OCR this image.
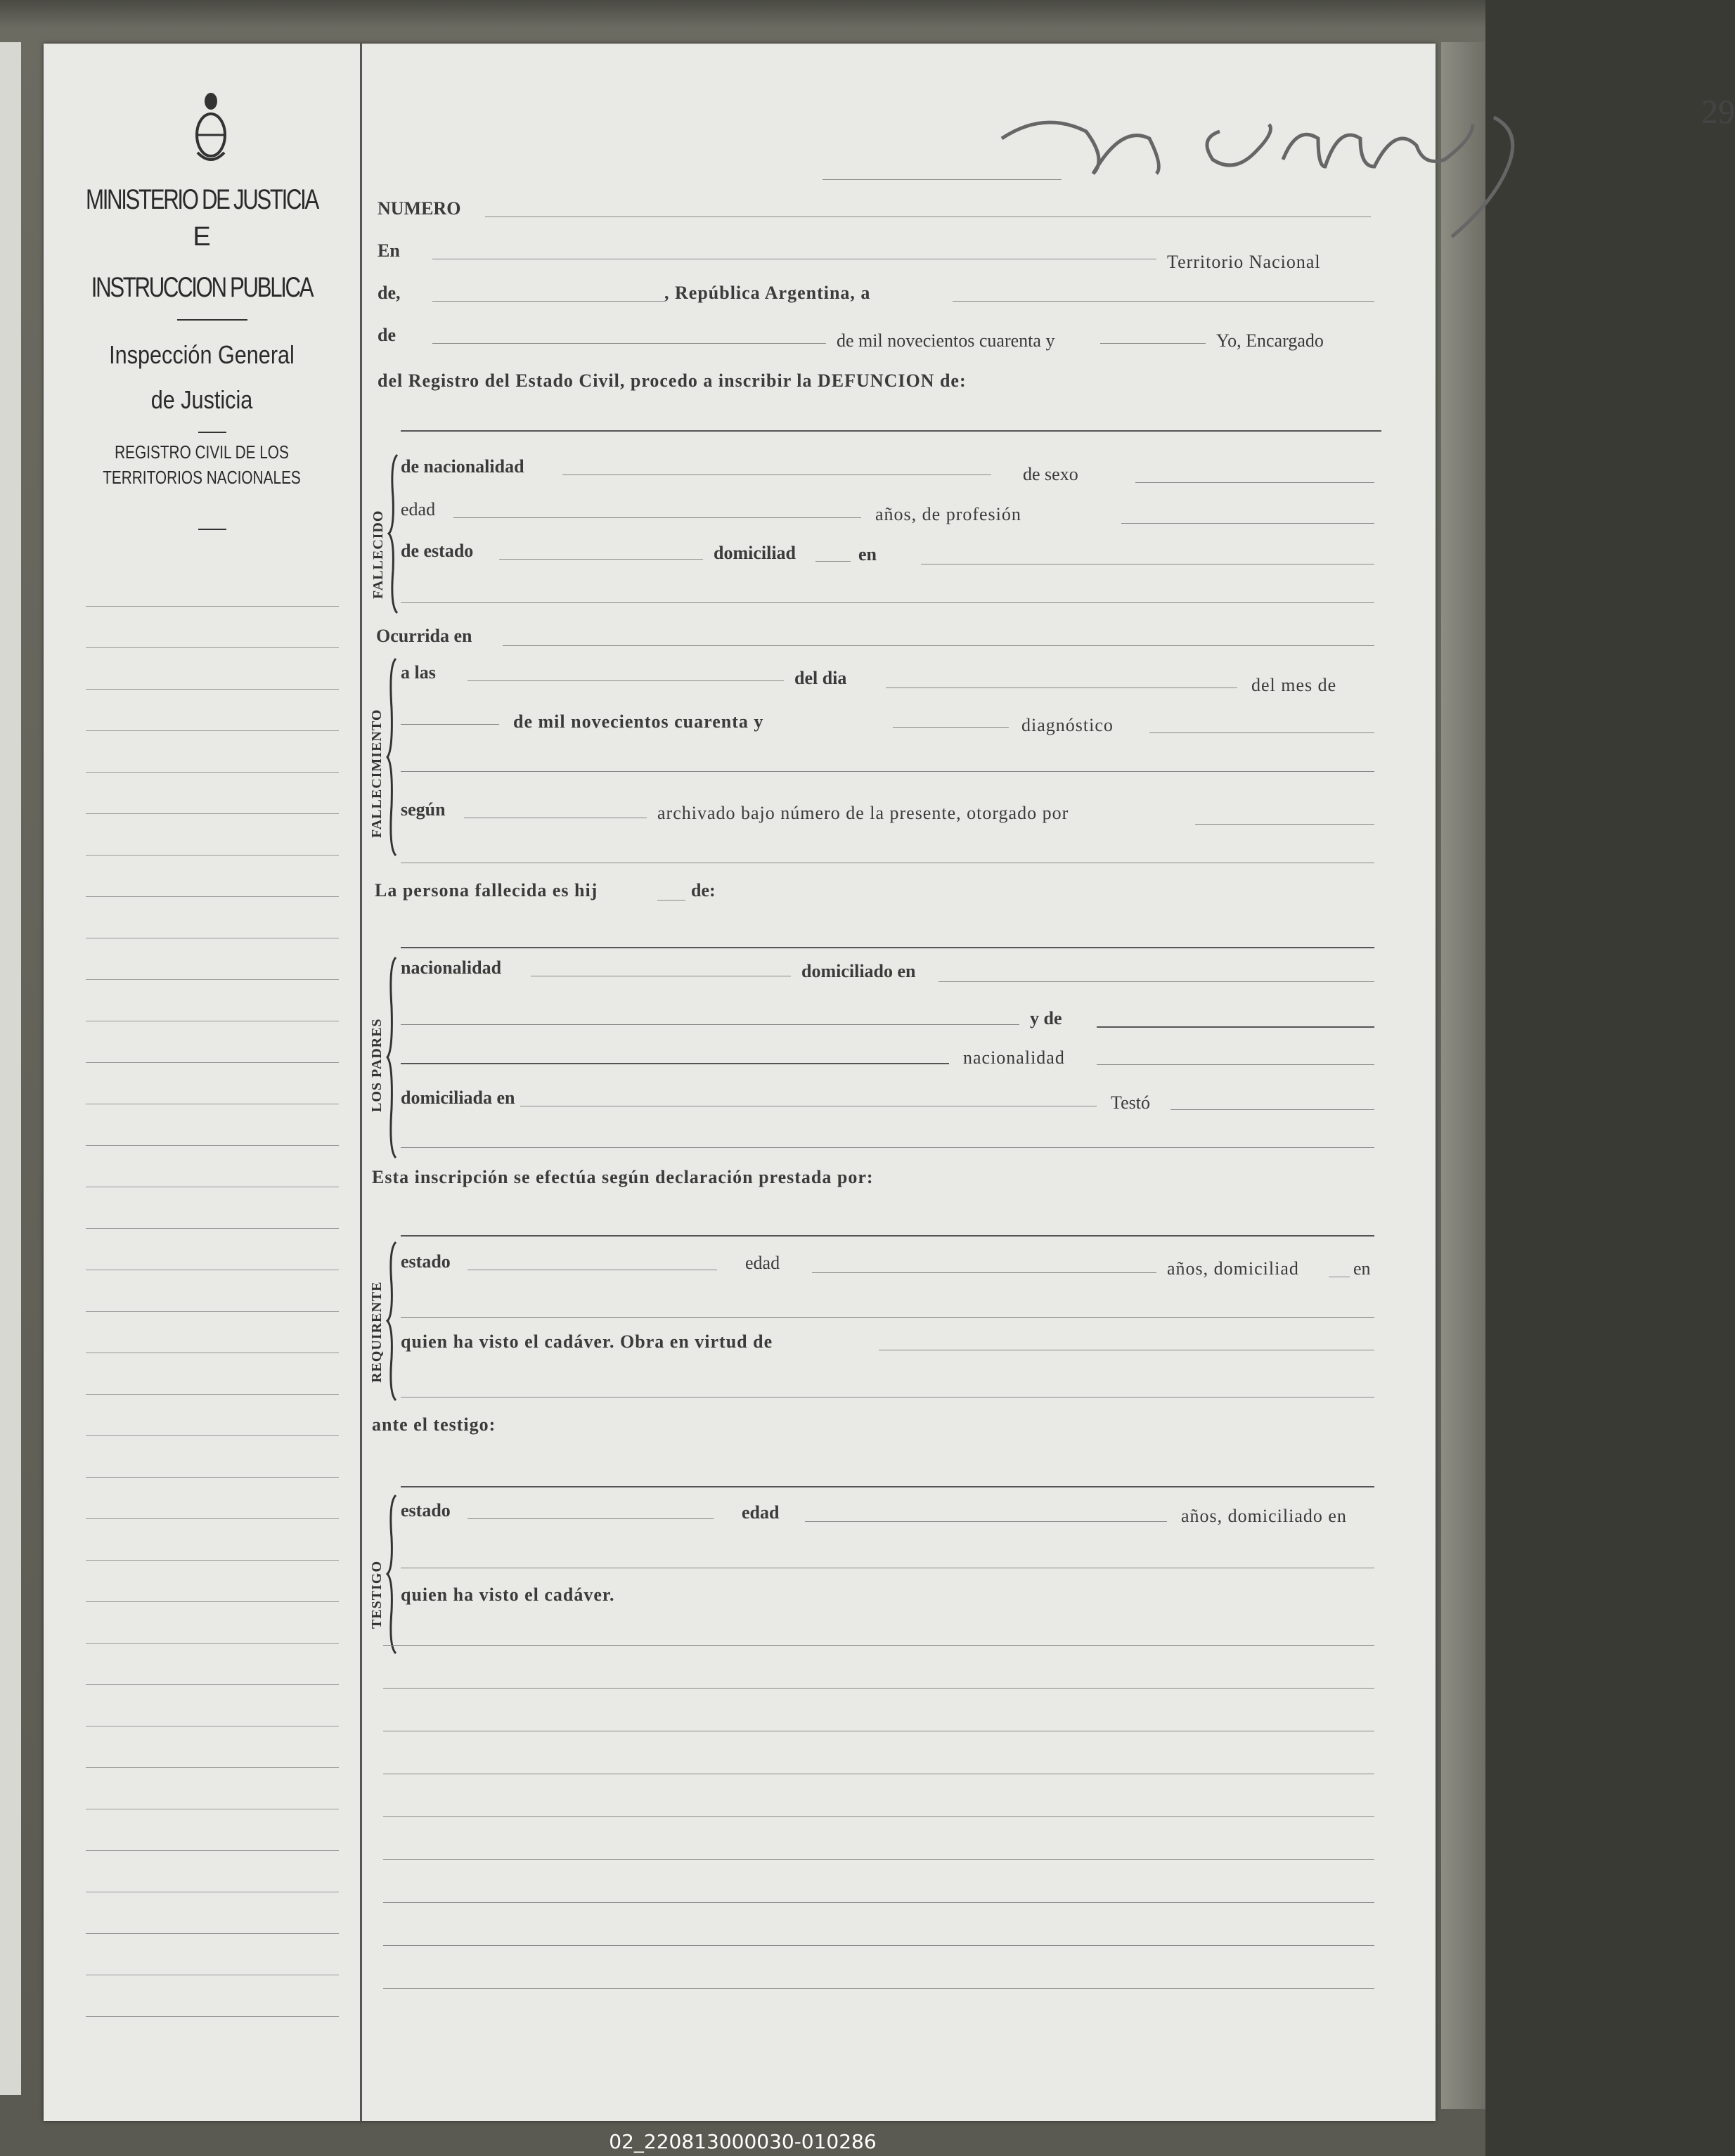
MINISTERIO DE JUSTICIA
E
INSTRUCCION PUBLICA
Inspección General
de Justicia
REGISTRO CIVIL DE LOS
TERRITORIOS NACIONALES
29
NUMERO
En
Territorio Nacional
de,	, República Argentina, a
de	de mil novecientos cuarenta y	Yo, Encargado
del Registro del Estado Civil, procedo a inscribir la DEFUNCION de:
FALLECIDO
de nacionalidad	de sexo
edad	años, de profesión
de estado	domiciliad	en
Ocurrida en
FALLECIMIENTO
a las	del dia	del mes de
de mil novecientos cuarenta y	diagnóstico
según	archivado bajo número de la presente, otorgado por
La persona fallecida es hij	de:
LOS PADRES
nacionalidad	domiciliado en
y de
nacionalidad
domiciliada en	Testó
Esta inscripción se efectúa según declaración prestada por:
REQUIRENTE
estado	edad	años, domiciliad	en
quien ha visto el cadáver. Obra en virtud de
ante el testigo:
TESTIGO
estado	edad	años, domiciliado en
quien ha visto el cadáver.
02_220813000030-010286
